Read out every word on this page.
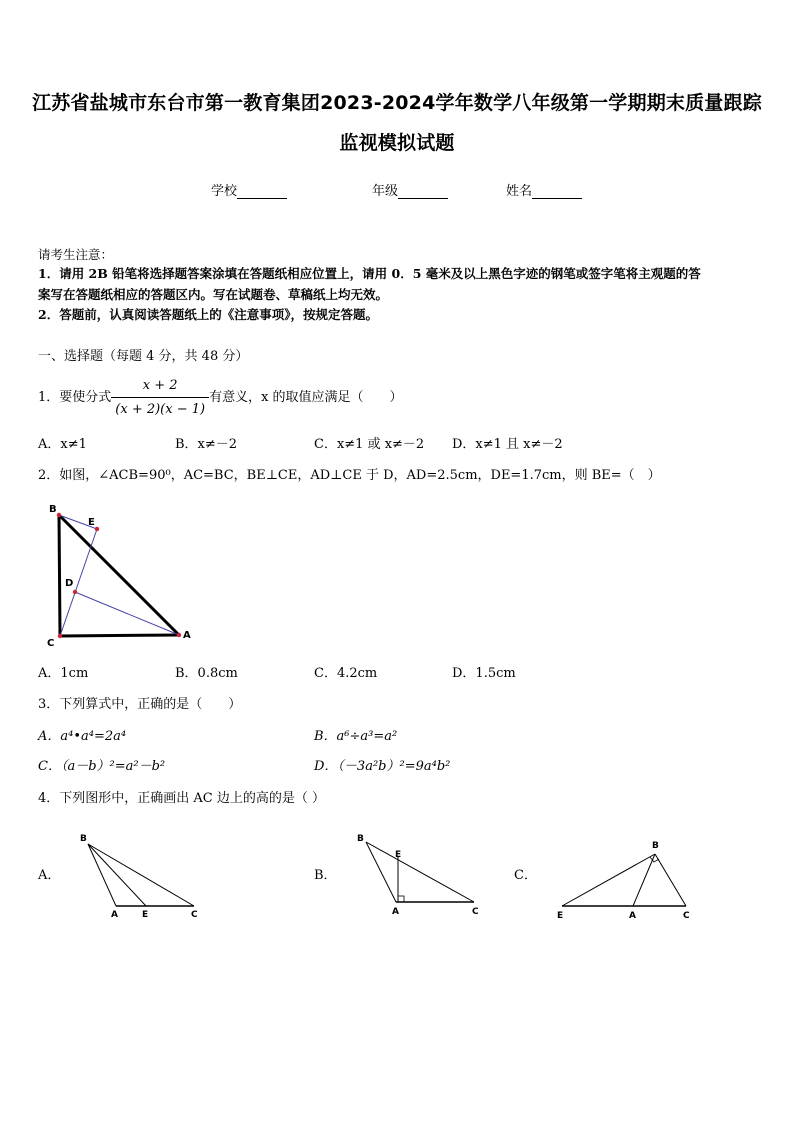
江苏省盐城市东台市第一教育集团2023-2024学年数学八年级第一学期期末质量跟踪
监视模拟试题
学校	年级	姓名
请考生注意：
1．请用 2B 铅笔将选择题答案涂填在答题纸相应位置上，请用 0．5 毫米及以上黑色字迹的钢笔或签字笔将主观题的答
案写在答题纸相应的答题区内。写在试题卷、草稿纸上均无效。
2．答题前，认真阅读答题纸上的《注意事项》，按规定答题。
一、选择题（每题 4 分，共 48 分）
1．要使分式 $\frac{x + 2}{(x + 2)(x - 1)}$ 有意义，x 的取值应满足（　　）
A．x≠1	B．x≠－2	C．x≠1 或 x≠－2 D．x≠1 且 x≠－2
2．如图，∠ACB=90⁰，AC=BC，BE⊥CE，AD⊥CE 于 D，AD=2.5cm，DE=1.7cm，则 BE=（　）
B
E
D
C
A
A．1cm	B．0.8cm	C．4.2cm	D．1.5cm
3．下列算式中，正确的是（　　）
A．a⁴•a⁴=2a⁴	B．a⁶÷a³=a²
C．（a－b）²=a²－b²	D．（－3a²b）²=9a⁴b²
4．下列图形中，正确画出 AC 边上的高的是（ ）
A．
B
A	E	C
B．
B
E
A	C
C．
B
E	A	C
